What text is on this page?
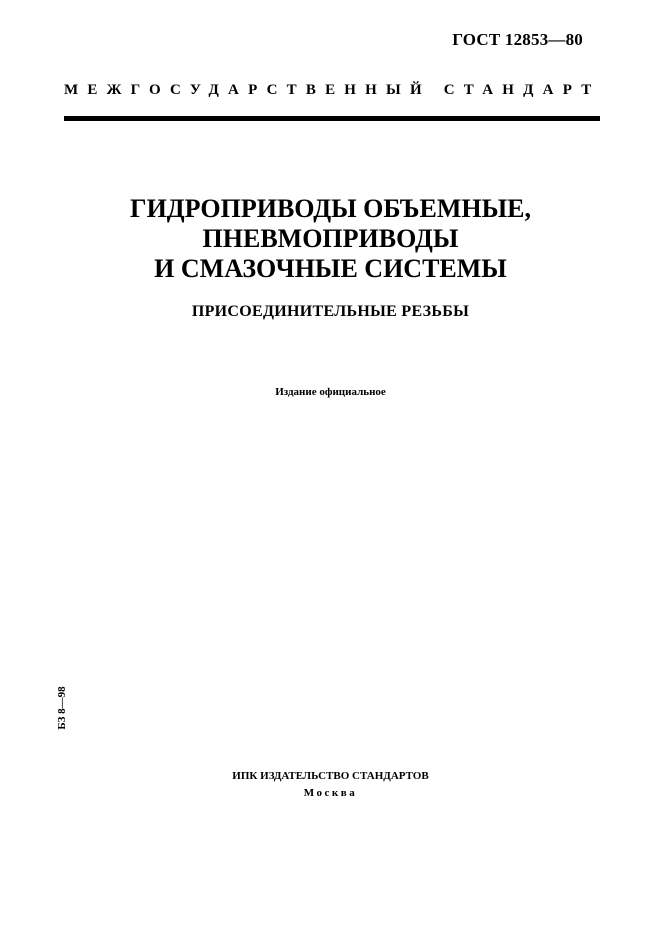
ГОСТ 12853—80
МЕЖГОСУДАРСТВЕННЫЙ СТАНДАРТ
ГИДРОПРИВОДЫ ОБЪЕМНЫЕ,
ПНЕВМОПРИВОДЫ
И СМАЗОЧНЫЕ СИСТЕМЫ
ПРИСОЕДИНИТЕЛЬНЫЕ РЕЗЬБЫ
Издание официальное
БЗ 8—98
ИПК ИЗДАТЕЛЬСТВО СТАНДАРТОВ
Москва
